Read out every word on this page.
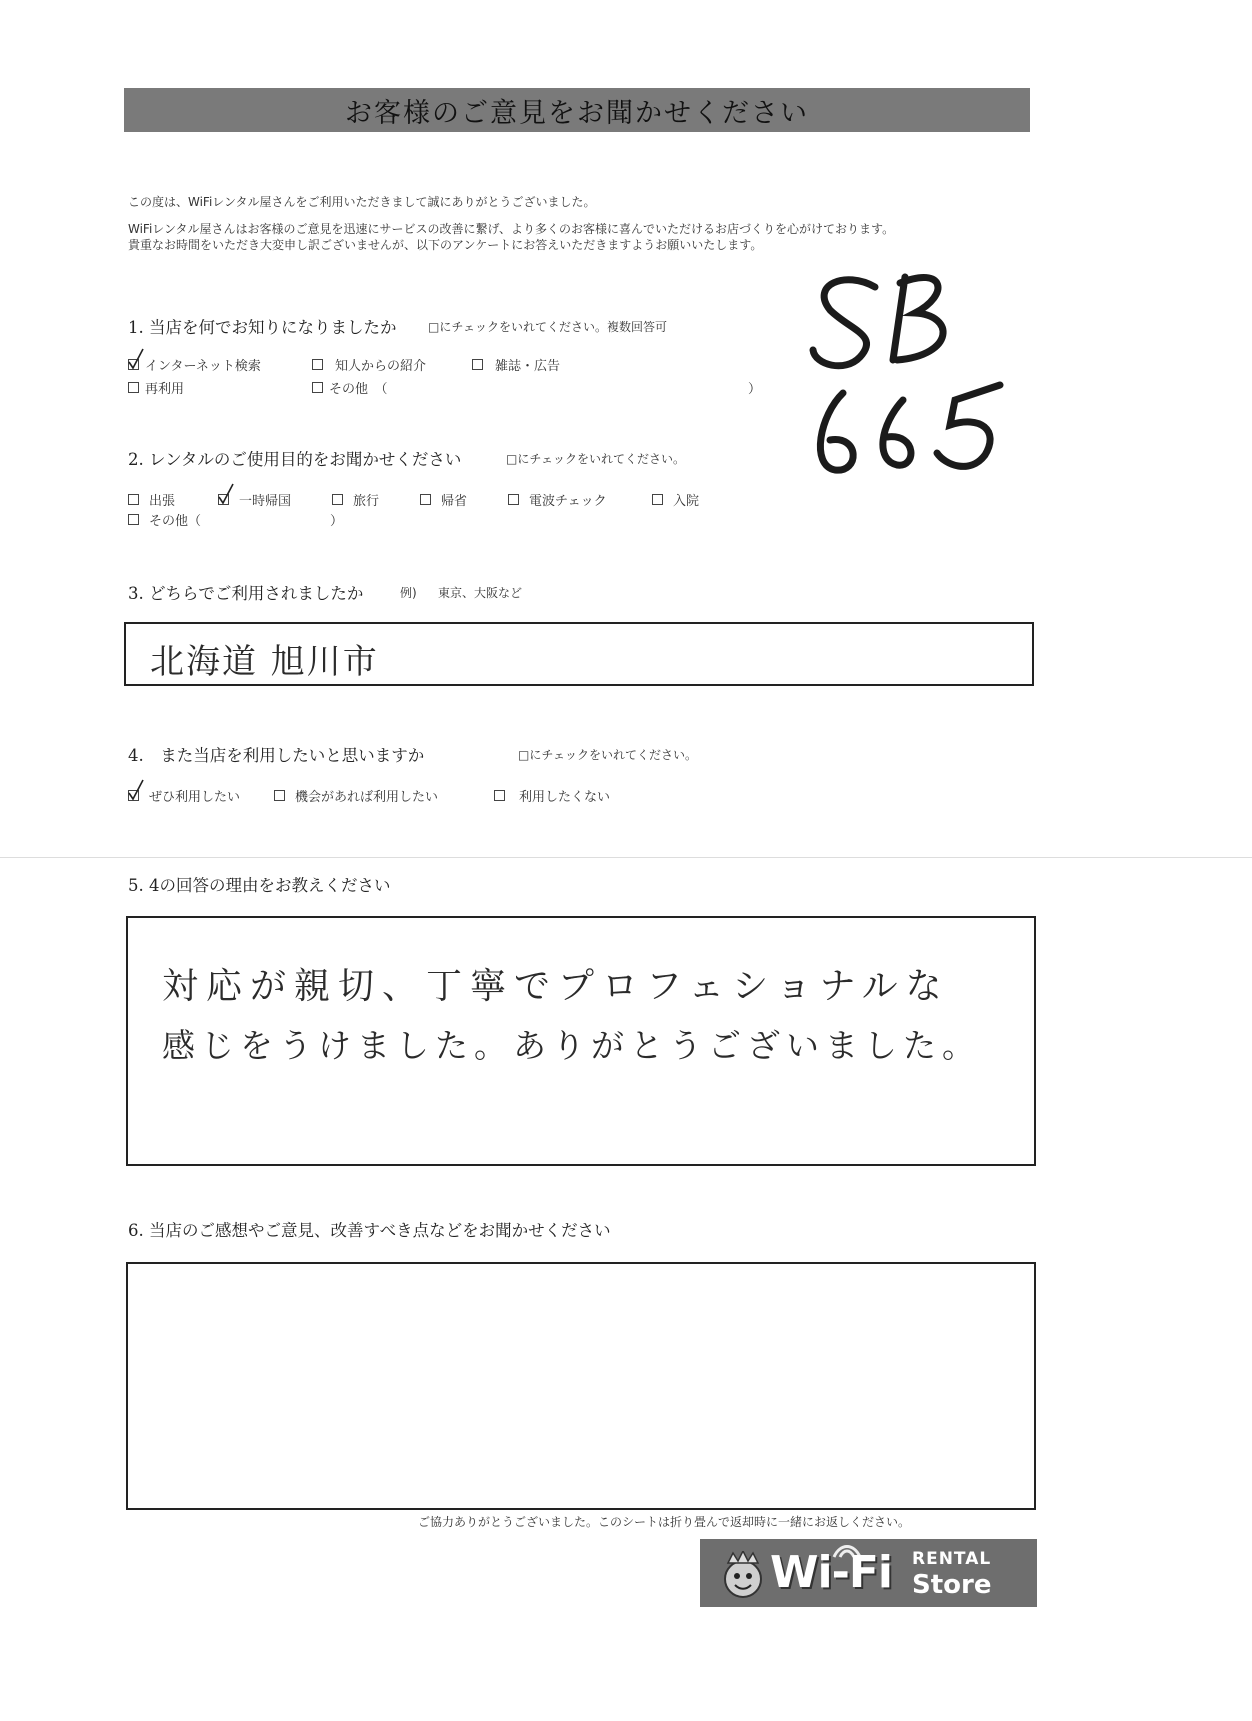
お客様のご意見をお聞かせください
この度は、WiFiレンタル屋さんをご利用いただきまして誠にありがとうございました。
WiFiレンタル屋さんはお客様のご意見を迅速にサービスの改善に繋げ、より多くのお客様に喜んでいただけるお店づくりを心がけております。
貴重なお時間をいただき大変申し訳ございませんが、以下のアンケートにお答えいただきますようお願いいたします。
1. 当店を何でお知りになりましたか	□にチェックをいれてください。複数回答可
インターネット検索	知人からの紹介	雑誌・広告
再利用	その他　（	）
2. レンタルのご使用目的をお聞かせください	□にチェックをいれてください。
出張	一時帰国	旅行	帰省	電波チェック	入院
その他（	）
3. どちらでご利用されましたか	例) 東京、大阪など
北海道 旭川市
4.　また当店を利用したいと思いますか	□にチェックをいれてください。
ぜひ利用したい	機会があれば利用したい	利用したくない
5. 4の回答の理由をお教えください
対応が親切、丁寧でプロフェショナルな
感じをうけました。ありがとうございました。
6. 当店のご感想やご意見、改善すべき点などをお聞かせください
ご協力ありがとうございました。このシートは折り畳んで返却時に一緒にお返しください。
Wi-Fi RENTAL
Store
